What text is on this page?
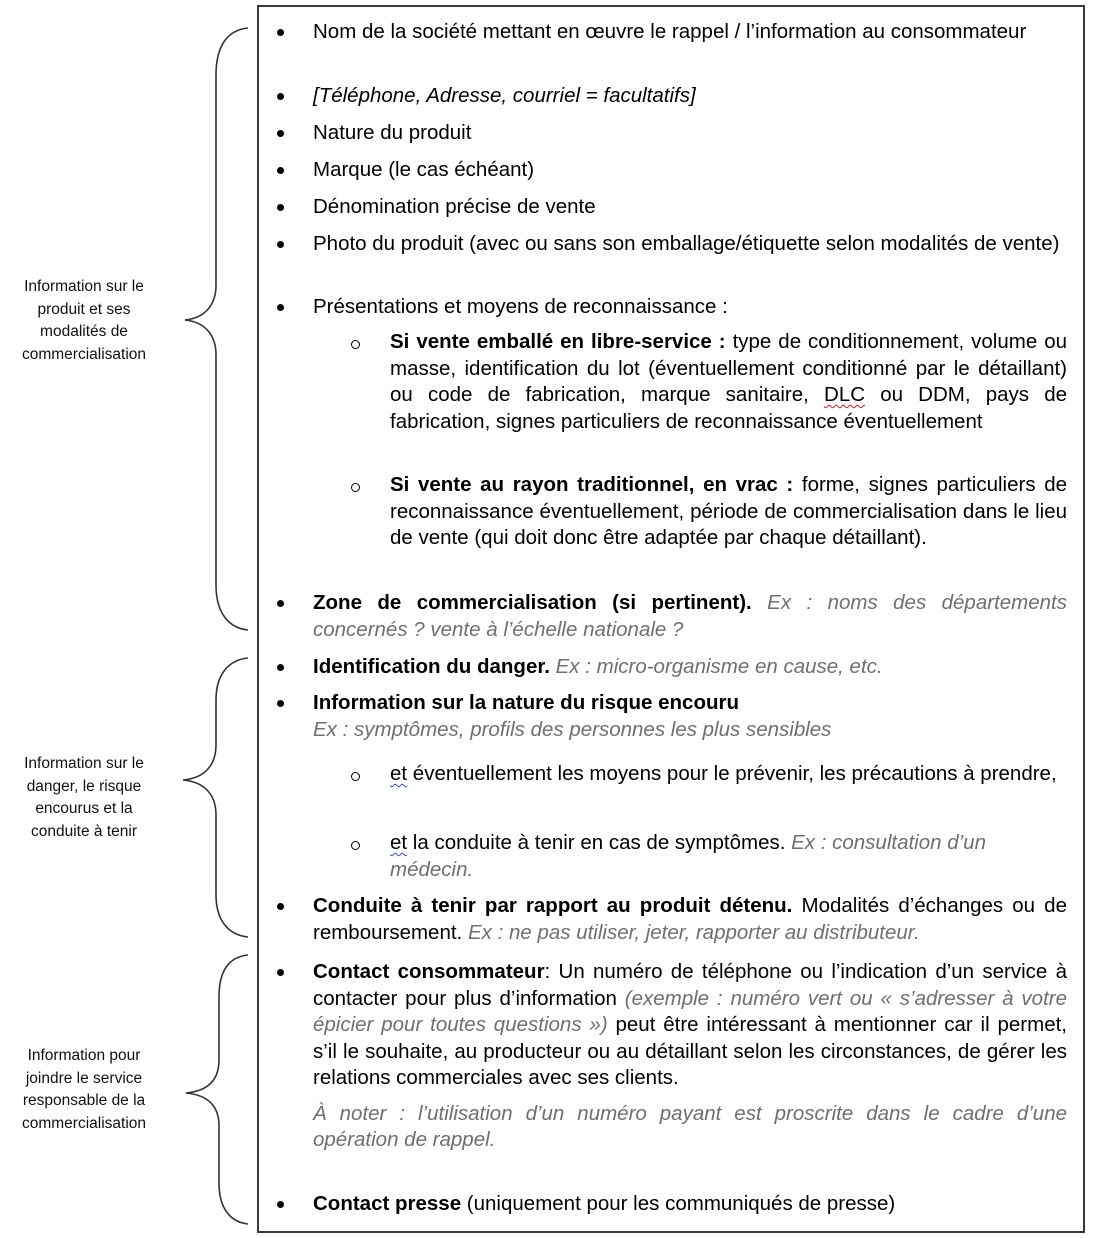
Information sur le
produit et ses
modalités de
commercialisation
Information sur le
danger, le risque
encourus et la
conduite à tenir
Information pour
joindre le service
responsable de la
commercialisation
Nom de la société mettant en œuvre le rappel / l’information au consommateur
[Téléphone, Adresse, courriel = facultatifs]
Nature du produit
Marque (le cas échéant)
Dénomination précise de vente
Photo du produit (avec ou sans son emballage/étiquette selon modalités de vente)
Présentations et moyens de reconnaissance :
Si vente emballé en libre-service : type de conditionnement, volume ou masse, identification du lot (éventuellement conditionné par le détaillant) ou code de fabrication, marque sanitaire, DLC ou DDM, pays de fabrication, signes particuliers de reconnaissance éventuellement
Si vente au rayon traditionnel, en vrac : forme, signes particuliers de reconnaissance éventuellement, période de commercialisation dans le lieu de vente (qui doit donc être adaptée par chaque détaillant).
Zone de commercialisation (si pertinent). Ex : noms des départements concernés ? vente à l’échelle nationale ?
Identification du danger. Ex : micro-organisme en cause, etc.
Information sur la nature du risque encouru
Ex : symptômes, profils des personnes les plus sensibles
et éventuellement les moyens pour le prévenir, les précautions à prendre,
et la conduite à tenir en cas de symptômes. Ex : consultation d’un médecin.
Conduite à tenir par rapport au produit détenu. Modalités d’échanges ou de remboursement. Ex : ne pas utiliser, jeter, rapporter au distributeur.
Contact consommateur: Un numéro de téléphone ou l’indication d’un service à contacter pour plus d’information (exemple : numéro vert ou « s’adresser à votre épicier pour toutes questions ») peut être intéressant à mentionner car il permet, s’il le souhaite, au producteur ou au détaillant selon les circonstances, de gérer les relations commerciales avec ses clients.
À noter : l’utilisation d’un numéro payant est proscrite dans le cadre d’une opération de rappel.
Contact presse (uniquement pour les communiqués de presse)
